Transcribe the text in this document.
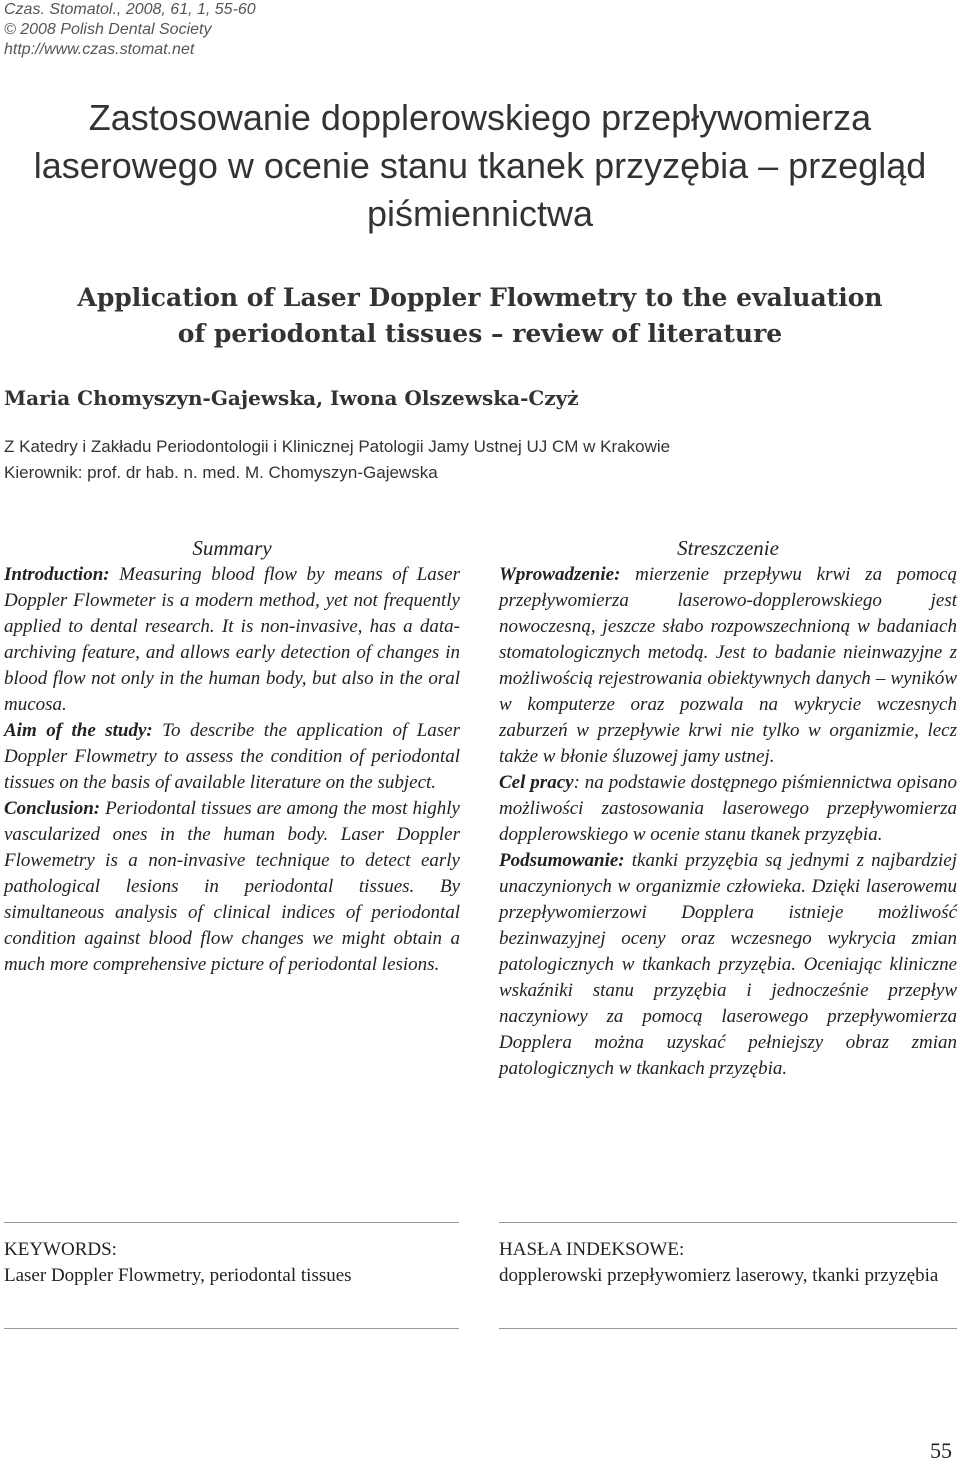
Czas. Stomatol., 2008, 61, 1, 55-60
© 2008 Polish Dental Society
http://www.czas.stomat.net
Zastosowanie dopplerowskiego przepływomierza
laserowego w ocenie stanu tkanek przyzębia – przegląd
piśmiennictwa
Application of Laser Doppler Flowmetry to the evaluation
of periodontal tissues – review of literature
Maria Chomyszyn-Gajewska, Iwona Olszewska-Czyż
Z Katedry i Zakładu Periodontologii i Klinicznej Patologii Jamy Ustnej UJ CM w Krakowie
Kierownik: prof. dr hab. n. med. M. Chomyszyn-Gajewska
Summary

Introduction: Measuring blood flow by means of Laser Doppler Flowmeter is a modern method, yet not frequently applied to dental research. It is non-invasive, has a data-archiving feature, and allows early detection of changes in blood flow not only in the human body, but also in the oral mucosa.

Aim of the study: To describe the application of Laser Doppler Flowmetry to assess the condition of periodontal tissues on the basis of available literature on the subject.

Conclusion: Periodontal tissues are among the most highly vascularized ones in the human body. Laser Doppler Flowemetry is a non-invasive technique to detect early pathological lesions in periodontal tissues. By simultaneous analysis of clinical indices of periodontal condition against blood flow changes we might obtain a much more comprehensive picture of periodontal lesions.

Streszczenie

Wprowadzenie: mierzenie przepływu krwi za pomocą przepływomierza laserowo-dopplerowskiego jest nowoczesną, jeszcze słabo rozpowszechnioną w badaniach stomatologicznych metodą. Jest to badanie nieinwazyjne z możliwością rejestrowania obiektywnych danych – wyników w komputerze oraz pozwala na wykrycie wczesnych zaburzeń w przepływie krwi nie tylko w organizmie, lecz także w błonie śluzowej jamy ustnej.

Cel pracy: na podstawie dostępnego piśmiennictwa opisano możliwości zastosowania laserowego przepływomierza dopplerowskiego w ocenie stanu tkanek przyzębia.

Podsumowanie: tkanki przyzębia są jednymi z najbardziej unaczynionych w organizmie człowieka. Dzięki laserowemu przepływomierzowi Dopplera istnieje możliwość bezinwazyjnej oceny oraz wczesnego wykrycia zmian patologicznych w tkankach przyzębia. Oceniając kliniczne wskaźniki stanu przyzębia i jednocześnie przepływ naczyniowy za pomocą laserowego przepływomierza Dopplera można uzyskać pełniejszy obraz zmian patologicznych w tkankach przyzębia.

KEYWORDS:
Laser Doppler Flowmetry, periodontal tissues
HASŁA INDEKSOWE:
dopplerowski przepływomierz laserowy, tkanki przyzębia
55
